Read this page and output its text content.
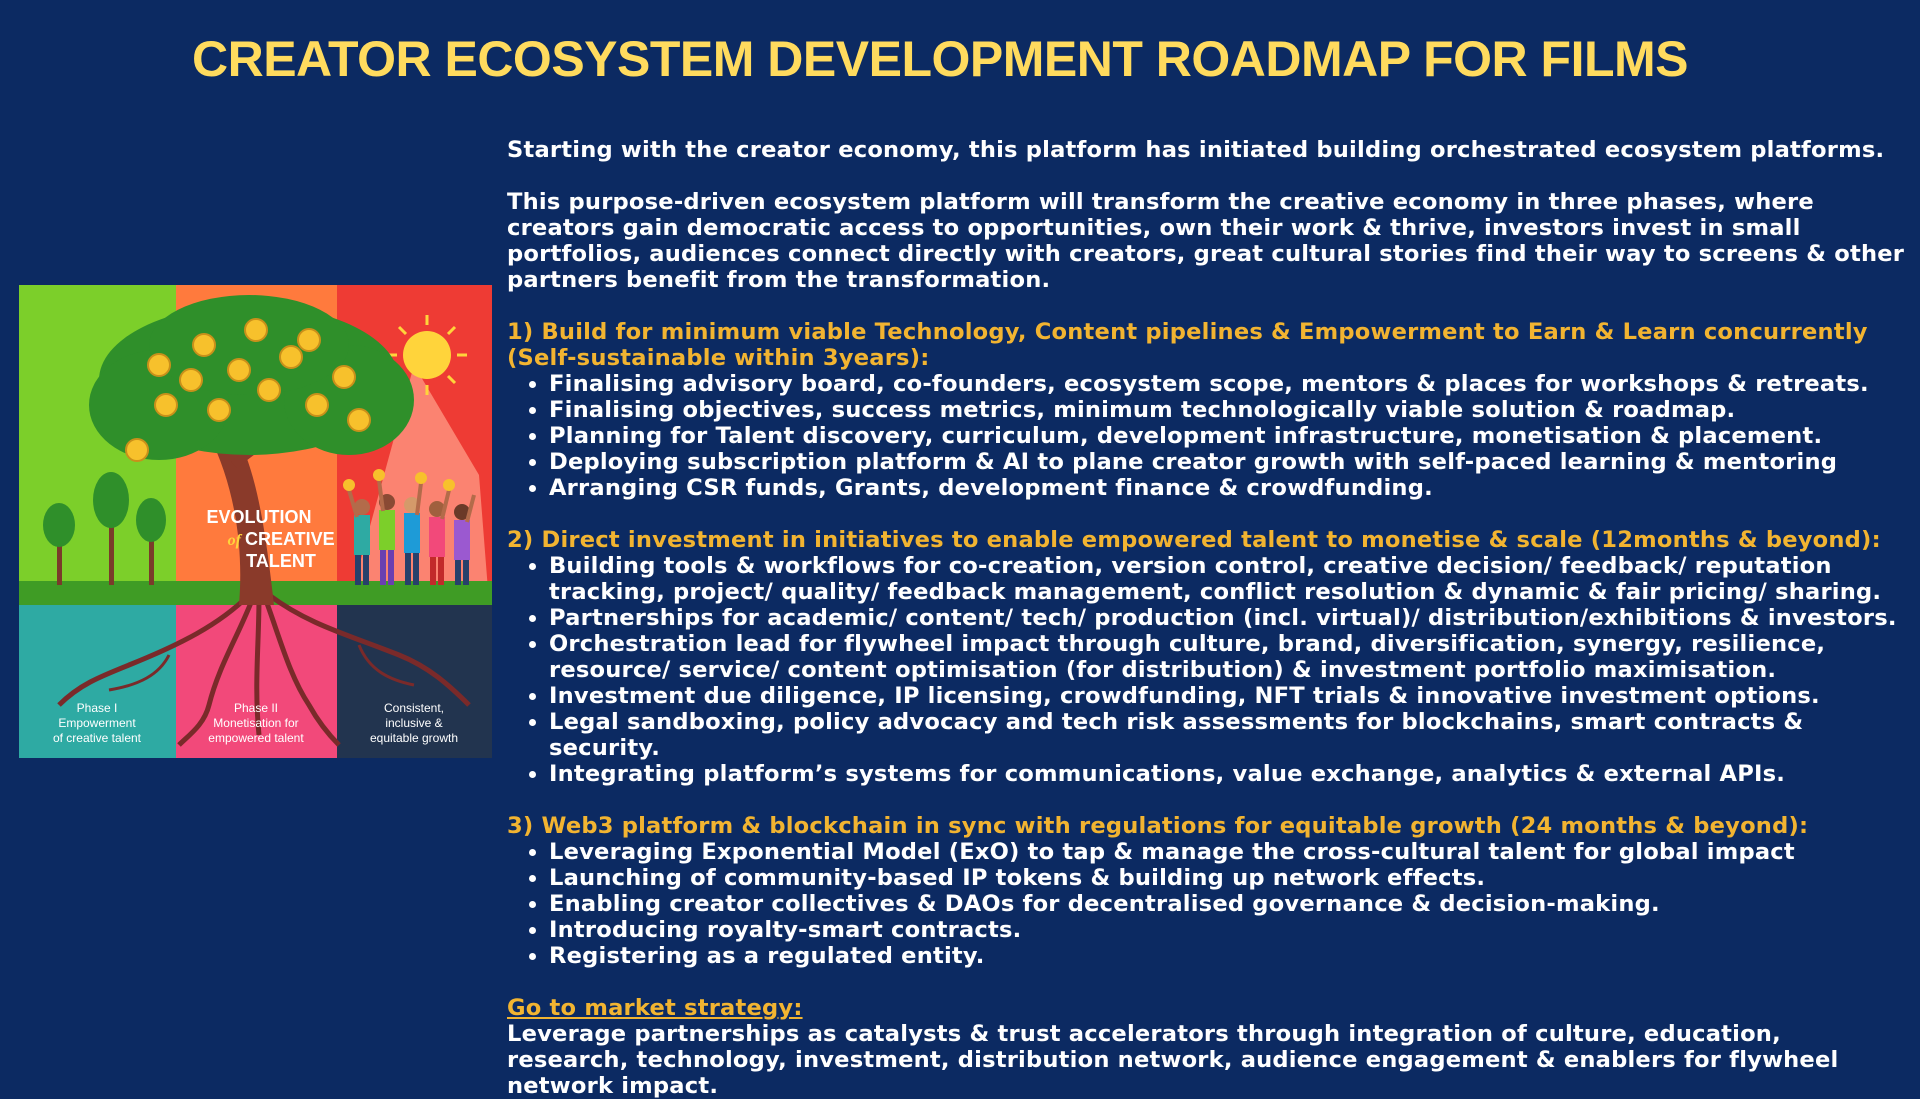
CREATOR ECOSYSTEM DEVELOPMENT ROADMAP FOR FILMS
EVOLUTION
of CREATIVE
TALENT
Phase I
Empowerment
of creative talent
Phase II
Monetisation for
empowered talent
Consistent,
inclusive &
equitable growth

Starting with the creator economy, this platform has initiated building orchestrated ecosystem platforms.

This purpose-driven ecosystem platform will transform the creative economy in three phases, where creators gain democratic access to opportunities, own their work & thrive, investors invest in small portfolios, audiences connect directly with creators, great cultural stories find their way to screens & other partners benefit from the transformation.

1) Build for minimum viable Technology, Content pipelines & Empowerment to Earn & Learn concurrently (Self-sustainable within 3years):

• Finalising advisory board, co-founders, ecosystem scope, mentors & places for workshops & retreats.
• Finalising objectives, success metrics, minimum technologically viable solution & roadmap.
• Planning for Talent discovery, curriculum, development infrastructure, monetisation & placement.
• Deploying subscription platform & AI to plane creator growth with self-paced learning & mentoring
• Arranging CSR funds, Grants, development finance & crowdfunding.

2) Direct investment in initiatives to enable empowered talent to monetise & scale (12months & beyond):

• Building tools & workflows for co-creation, version control, creative decision/ feedback/ reputation tracking, project/ quality/ feedback management, conflict resolution & dynamic & fair pricing/ sharing.
• Partnerships for academic/ content/ tech/ production (incl. virtual)/ distribution/exhibitions & investors.
• Orchestration lead for flywheel impact through culture, brand, diversification, synergy, resilience, resource/ service/ content optimisation (for distribution) & investment portfolio maximisation.
• Investment due diligence, IP licensing, crowdfunding, NFT trials & innovative investment options.
• Legal sandboxing, policy advocacy and tech risk assessments for blockchains, smart contracts & security.
• Integrating platform’s systems for communications, value exchange, analytics & external APIs.

3) Web3 platform & blockchain in sync with regulations for equitable growth (24 months & beyond):

• Leveraging Exponential Model (ExO) to tap & manage the cross-cultural talent for global impact
• Launching of community-based IP tokens & building up network effects.
• Enabling creator collectives & DAOs for decentralised governance & decision-making.
• Introducing royalty-smart contracts.
• Registering as a regulated entity.

Go to market strategy:

Leverage partnerships as catalysts & trust accelerators through integration of culture, education, research, technology, investment, distribution network, audience engagement & enablers for flywheel network impact.
